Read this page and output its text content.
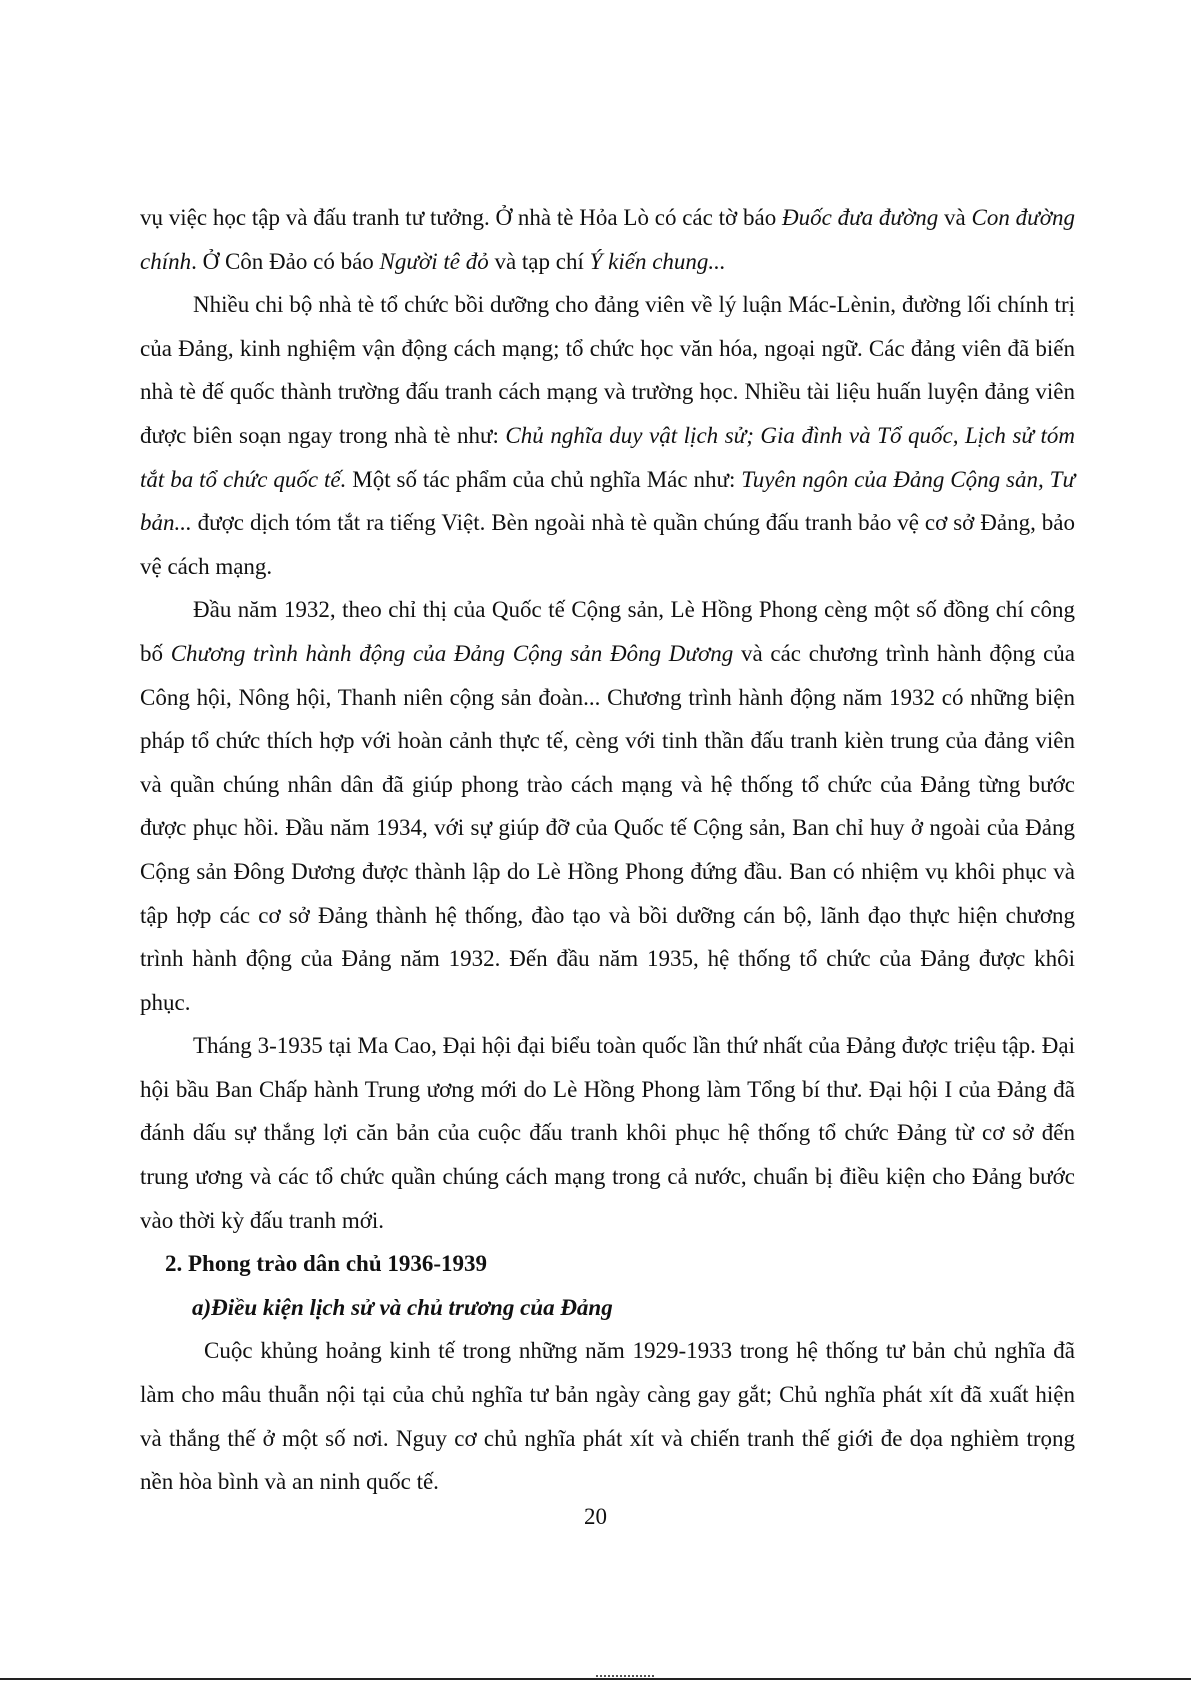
vụ việc học tập và đấu tranh tư tưởng. Ở nhà tè Hỏa Lò có các tờ báo Đuốc đưa đường và Con đường chính. Ở Côn Đảo có báo Người tê đỏ và tạp chí Ý kiến chung...

Nhiều chi bộ nhà tè tổ chức bồi dưỡng cho đảng viên về lý luận Mác-Lènin, đường lối chính trị của Đảng, kinh nghiệm vận động cách mạng; tổ chức học văn hóa, ngoại ngữ. Các đảng viên đã biến nhà tè đế quốc thành trường đấu tranh cách mạng và trường học. Nhiều tài liệu huấn luyện đảng viên được biên soạn ngay trong nhà tè như: Chủ nghĩa duy vật lịch sử; Gia đình và Tổ quốc, Lịch sử tóm tắt ba tổ chức quốc tế. Một số tác phẩm của chủ nghĩa Mác như: Tuyên ngôn của Đảng Cộng sản, Tư bản... được dịch tóm tắt ra tiếng Việt. Bèn ngoài nhà tè quần chúng đấu tranh bảo vệ cơ sở Đảng, bảo vệ cách mạng.

Đầu năm 1932, theo chỉ thị của Quốc tế Cộng sản, Lè Hồng Phong cèng một số đồng chí công bố Chương trình hành động của Đảng Cộng sản Đông Dương và các chương trình hành động của Công hội, Nông hội, Thanh niên cộng sản đoàn... Chương trình hành động năm 1932 có những biện pháp tổ chức thích hợp với hoàn cảnh thực tế, cèng với tinh thần đấu tranh kièn trung của đảng viên và quần chúng nhân dân đã giúp phong trào cách mạng và hệ thống tổ chức của Đảng từng bước được phục hồi. Đầu năm 1934, với sự giúp đỡ của Quốc tế Cộng sản, Ban chỉ huy ở ngoài của Đảng Cộng sản Đông Dương được thành lập do Lè Hồng Phong đứng đầu. Ban có nhiệm vụ khôi phục và tập hợp các cơ sở Đảng thành hệ thống, đào tạo và bồi dưỡng cán bộ, lãnh đạo thực hiện chương trình hành động của Đảng năm 1932. Đến đầu năm 1935, hệ thống tổ chức của Đảng được khôi phục.

Tháng 3-1935 tại Ma Cao, Đại hội đại biểu toàn quốc lần thứ nhất của Đảng được triệu tập. Đại hội bầu Ban Chấp hành Trung ương mới do Lè Hồng Phong làm Tổng bí thư. Đại hội I của Đảng đã đánh dấu sự thắng lợi căn bản của cuộc đấu tranh khôi phục hệ thống tổ chức Đảng từ cơ sở đến trung ương và các tổ chức quần chúng cách mạng trong cả nước, chuẩn bị điều kiện cho Đảng bước vào thời kỳ đấu tranh mới.

2. Phong trào dân chủ 1936-1939

a)Điều kiện lịch sử và chủ trương của Đảng

Cuộc khủng hoảng kinh tế trong những năm 1929-1933 trong hệ thống tư bản chủ nghĩa đã làm cho mâu thuẫn nội tại của chủ nghĩa tư bản ngày càng gay gắt; Chủ nghĩa phát xít đã xuất hiện và thắng thế ở một số nơi. Nguy cơ chủ nghĩa phát xít và chiến tranh thế giới đe dọa nghièm trọng nền hòa bình và an ninh quốc tế.

20
